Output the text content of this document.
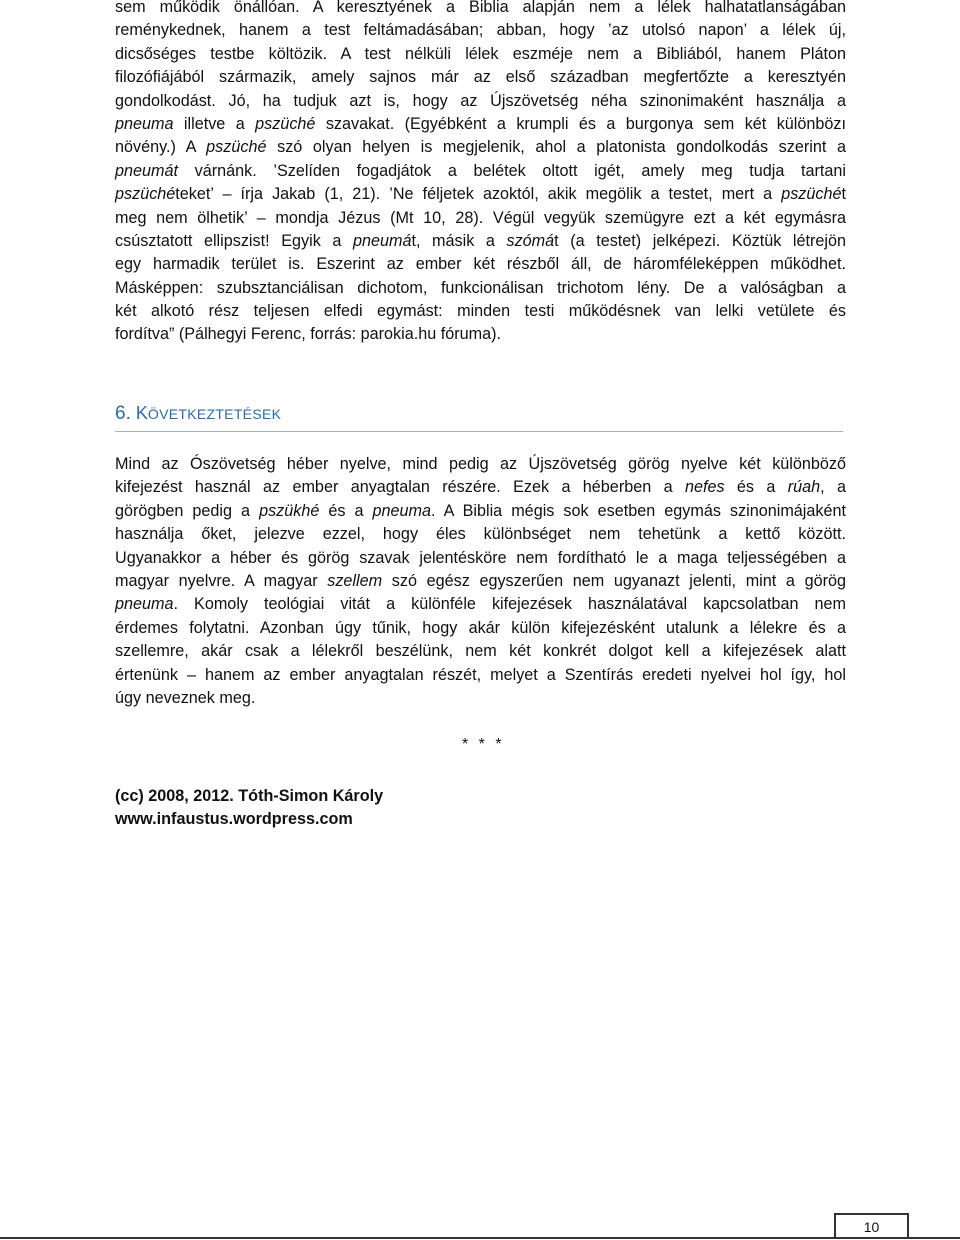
sem működik önállóan. A keresztyének a Biblia alapján nem a lélek halhatatlanságában
reménykednek, hanem a test feltámadásában; abban, hogy ’az utolsó napon’ a lélek új,
dicsőséges testbe költözik. A test nélküli lélek eszméje nem a Bibliából, hanem Pláton
filozófiájából származik, amely sajnos már az első században megfertőzte a keresztyén
gondolkodást. Jó, ha tudjuk azt is, hogy az Újszövetség néha szinonimaként használja a
pneuma illetve a pszüché szavakat. (Egyébként a krumpli és a burgonya sem két különbözı
növény.) A pszüché szó olyan helyen is megjelenik, ahol a platonista gondolkodás szerint a
pneumát várnánk. ’Szelíden fogadjátok a belétek oltott igét, amely meg tudja tartani
pszüchéteket’ – írja Jakab (1, 21). ’Ne féljetek azoktól, akik megölik a testet, mert a pszüchét
meg nem ölhetik’ – mondja Jézus (Mt 10, 28). Végül vegyük szemügyre ezt a két egymásra
csúsztatott ellipszist! Egyik a pneumát, másik a szómát (a testet) jelképezi. Köztük létrejön
egy harmadik terület is. Eszerint az ember két részből áll, de háromféleképpen működhet.
Másképpen: szubsztanciálisan dichotom, funkcionálisan trichotom lény. De a valóságban a
két alkotó rész teljesen elfedi egymást: minden testi működésnek van lelki vetülete és
fordítva” (Pálhegyi Ferenc, forrás: parokia.hu fóruma).
6. KÖVETKEZTETÉSEK
Mind az Ószövetség héber nyelve, mind pedig az Újszövetség görög nyelve két különböző
kifejezést használ az ember anyagtalan részére. Ezek a héberben a nefes és a rúah, a
görögben pedig a pszükhé és a pneuma. A Biblia mégis sok esetben egymás szinonimájaként
használja őket, jelezve ezzel, hogy éles különbséget nem tehetünk a kettő között.
Ugyanakkor a héber és görög szavak jelentésköre nem fordítható le a maga teljességében a
magyar nyelvre. A magyar szellem szó egész egyszerűen nem ugyanazt jelenti, mint a görög
pneuma. Komoly teológiai vitát a különféle kifejezések használatával kapcsolatban nem
érdemes folytatni. Azonban úgy tűnik, hogy akár külön kifejezésként utalunk a lélekre és a
szellemre, akár csak a lélekről beszélünk, nem két konkrét dolgot kell a kifejezések alatt
értenünk – hanem az ember anyagtalan részét, melyet a Szentírás eredeti nyelvei hol így, hol
úgy neveznek meg.
* * *
(cc) 2008, 2012. Tóth-Simon Károly
www.infaustus.wordpress.com
10
